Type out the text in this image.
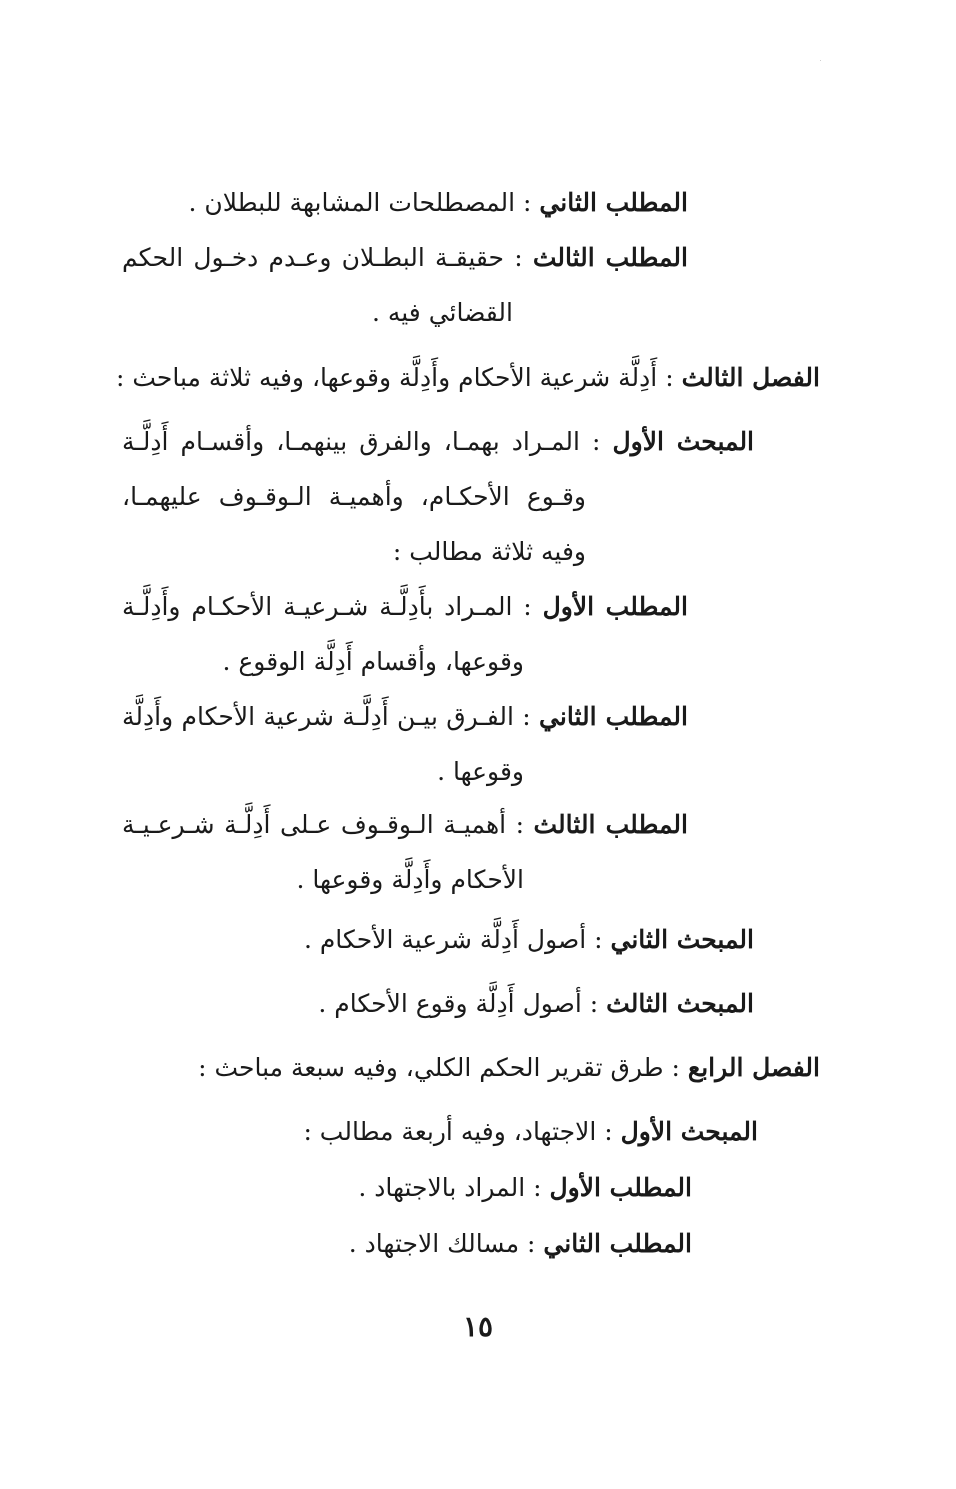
المطلب الثاني : المصطلحات المشابهة للبطلان .
المطلب الثالث : حقيقـة البطـلان وعـدم دخـول الحكم
القضائي فيه .
الفصل الثالث : أَدِلَّة شرعية الأحكام وأَدِلَّة وقوعها، وفيه ثلاثة مباحث :
المبحث الأول : المـراد بهمـا، والفرق بينهمـا، وأقسـام أَدِلَّـة
وقـوع الأحكـام، وأهميـة الـوقـوف عليهمـا،
وفيه ثلاثة مطالب :
المطلب الأول : المـراد بأَدِلَّـة شـرعيـة الأحكـام وأَدِلَّـة
وقوعها، وأقسام أَدِلَّة الوقوع .
المطلب الثاني : الفـرق بيـن أَدِلَّـة شرعية الأحكام وأَدِلَّة
وقوعها .
المطلب الثالث : أهميـة الـوقـوف عـلى أَدِلَّـة شـرعـيـة
الأحكام وأَدِلَّة وقوعها .
المبحث الثاني : أصول أَدِلَّة شرعية الأحكام .
المبحث الثالث : أصول أَدِلَّة وقوع الأحكام .
الفصل الرابع : طرق تقرير الحكم الكلي، وفيه سبعة مباحث :
المبحث الأول : الاجتهاد، وفيه أربعة مطالب :
المطلب الأول : المراد بالاجتهاد .
المطلب الثاني : مسالك الاجتهاد .
١٥
